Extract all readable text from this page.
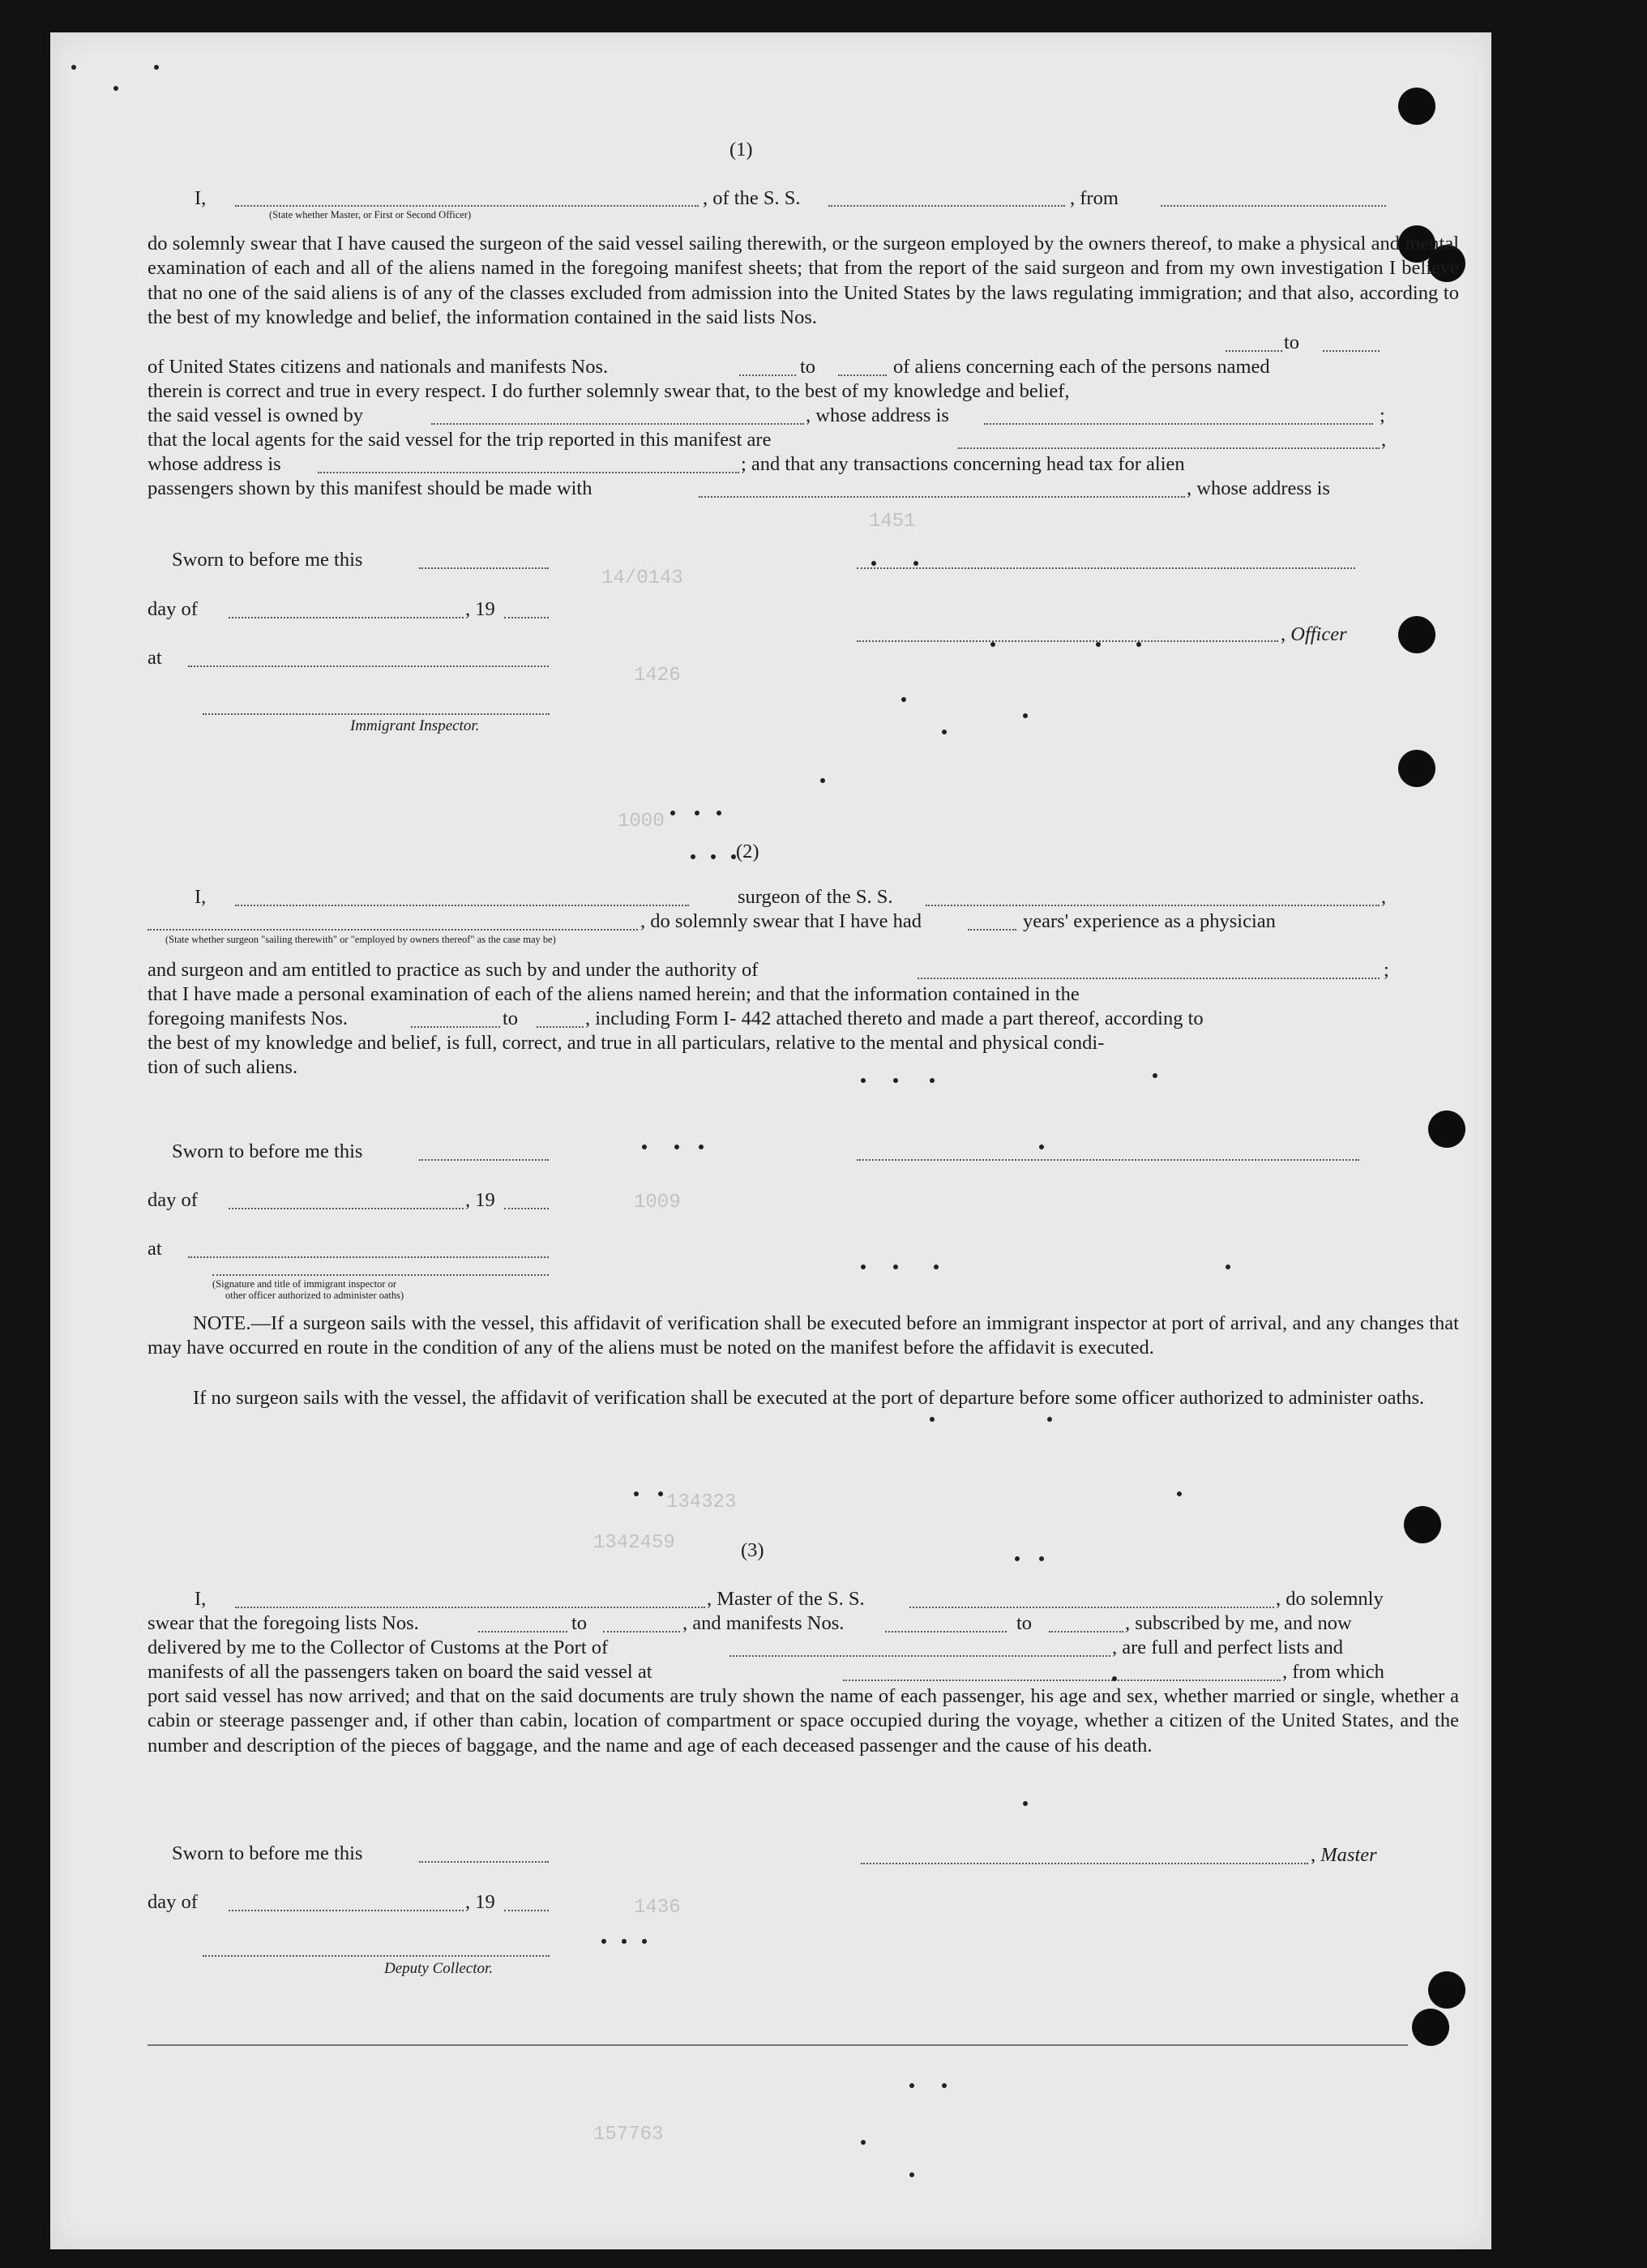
1451
14/0143
1426
1000
1009
134323
1342459
1436
157763
(1)
I,
(State whether Master, or First or Second Officer)
, of the S. S.	, from
do solemnly swear that I have caused the surgeon of the said vessel sailing therewith, or the surgeon employed by the owners thereof, to make a physical and mental examination of each and all of the aliens named in the foregoing manifest sheets; that from the report of the said surgeon and from my own investigation I believe that no one of the said aliens is of any of the classes excluded from admission into the United States by the laws regulating immigration; and that also, according to the best of my knowledge and belief, the information contained in the said lists Nos.
to
of United States citizens and nationals and manifests Nos.	to	of aliens concerning each of the persons named
therein is correct and true in every respect. I do further solemnly swear that, to the best of my knowledge and belief,
the said vessel is owned by	, whose address is	;
that the local agents for the said vessel for the trip reported in this manifest are	,
whose address is	; and that any transactions concerning head tax for alien
passengers shown by this manifest should be made with	, whose address is
Sworn to before me this
day of	, 19
, Officer
at
Immigrant Inspector.
(2)
I,	surgeon of the S. S.	,
, do solemnly swear that I have had	years' experience as a physician
(State whether surgeon "sailing therewith" or "employed by owners thereof" as the case may be)
and surgeon and am entitled to practice as such by and under the authority of	;
that I have made a personal examination of each of the aliens named herein; and that the information contained in the
foregoing manifests Nos.	to	, including Form I- 442 attached thereto and made a part thereof, according to
the best of my knowledge and belief, is full, correct, and true in all particulars, relative to the mental and physical condi-
tion of such aliens.
Sworn to before me this
day of	, 19
at
(Signature and title of immigrant inspector or
other officer authorized to administer oaths)
NOTE.—If a surgeon sails with the vessel, this affidavit of verification shall be executed before an immigrant inspector at port of arrival, and any changes that may have occurred en route in the condition of any of the aliens must be noted on the manifest before the affidavit is executed.
If no surgeon sails with the vessel, the affidavit of verification shall be executed at the port of departure before some officer authorized to administer oaths.
(3)
I,	, Master of the S. S.	, do solemnly
swear that the foregoing lists Nos.	to	, and manifests Nos.	to	, subscribed by me, and now
delivered by me to the Collector of Customs at the Port of	, are full and perfect lists and
manifests of all the passengers taken on board the said vessel at	, from which
port said vessel has now arrived; and that on the said documents are truly shown the name of each passenger, his age and sex, whether married or single, whether a cabin or steerage passenger and, if other than cabin, location of compartment or space occupied during the voyage, whether a citizen of the United States, and the number and description of the pieces of baggage, and the name and age of each deceased passenger and the cause of his death.
Sworn to before me this	, Master
day of	, 19
Deputy Collector.
